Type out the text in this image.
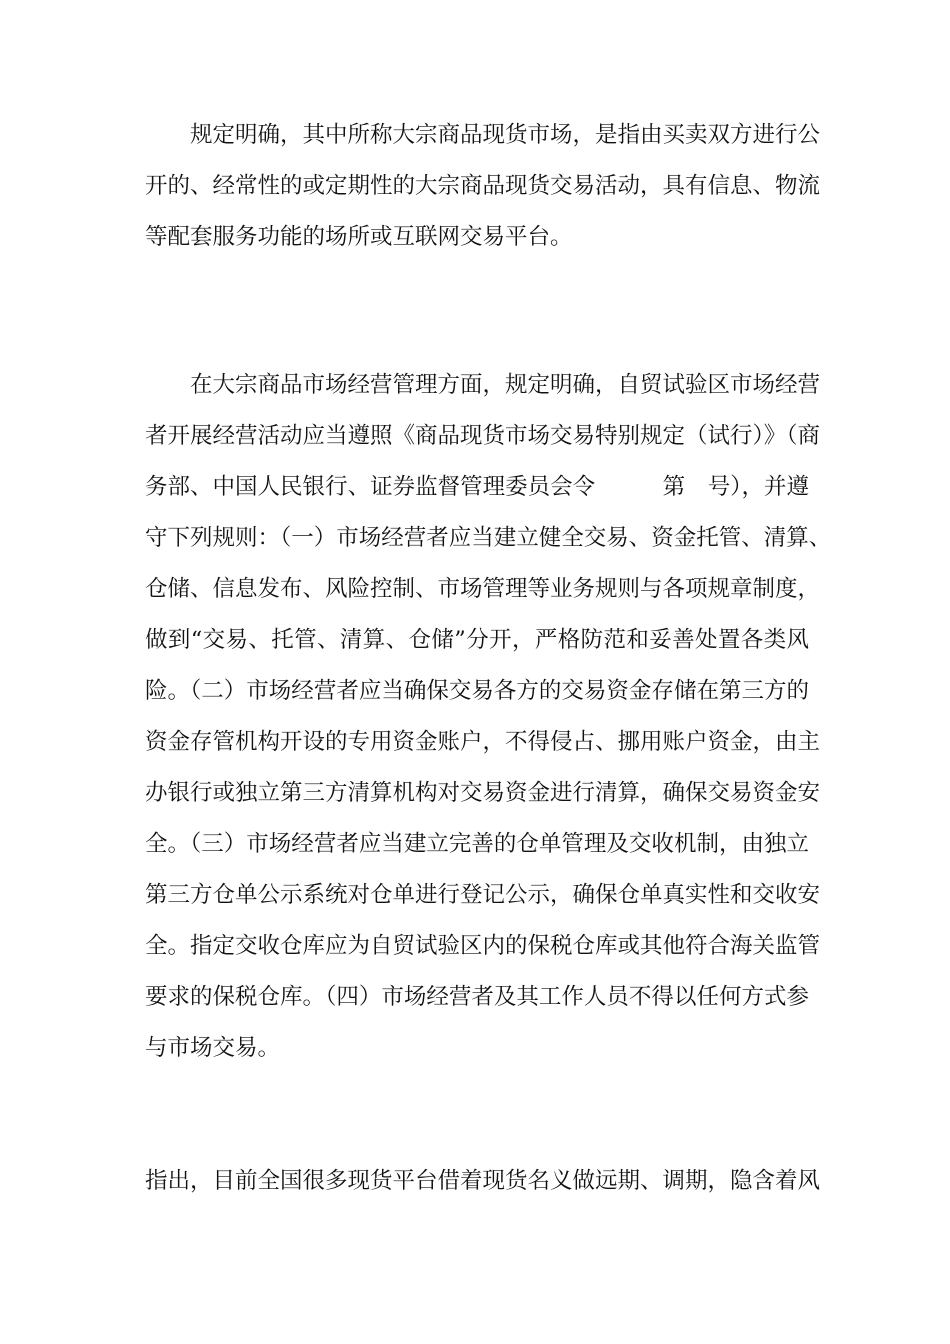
规定明确，其中所称大宗商品现货市场，是指由买卖双方进行公
开的、经常性的或定期性的大宗商品现货交易活动，具有信息、物流
等配套服务功能的场所或互联网交易平台。
在大宗商品市场经营管理方面，规定明确，自贸试验区市场经营
者开展经营活动应当遵照《商品现货市场交易特别规定（试行）》（商
务部、中国人民银行、证券监督管理委员会令　　　第　号），并遵
守下列规则：（一）市场经营者应当建立健全交易、资金托管、清算、
仓储、信息发布、风险控制、市场管理等业务规则与各项规章制度，
做到“交易、托管、清算、仓储”分开，严格防范和妥善处置各类风
险。（二）市场经营者应当确保交易各方的交易资金存储在第三方的
资金存管机构开设的专用资金账户，不得侵占、挪用账户资金，由主
办银行或独立第三方清算机构对交易资金进行清算，确保交易资金安
全。（三）市场经营者应当建立完善的仓单管理及交收机制，由独立
第三方仓单公示系统对仓单进行登记公示，确保仓单真实性和交收安
全。指定交收仓库应为自贸试验区内的保税仓库或其他符合海关监管
要求的保税仓库。（四）市场经营者及其工作人员不得以任何方式参
与市场交易。
指出，目前全国很多现货平台借着现货名义做远期、调期，隐含着风
